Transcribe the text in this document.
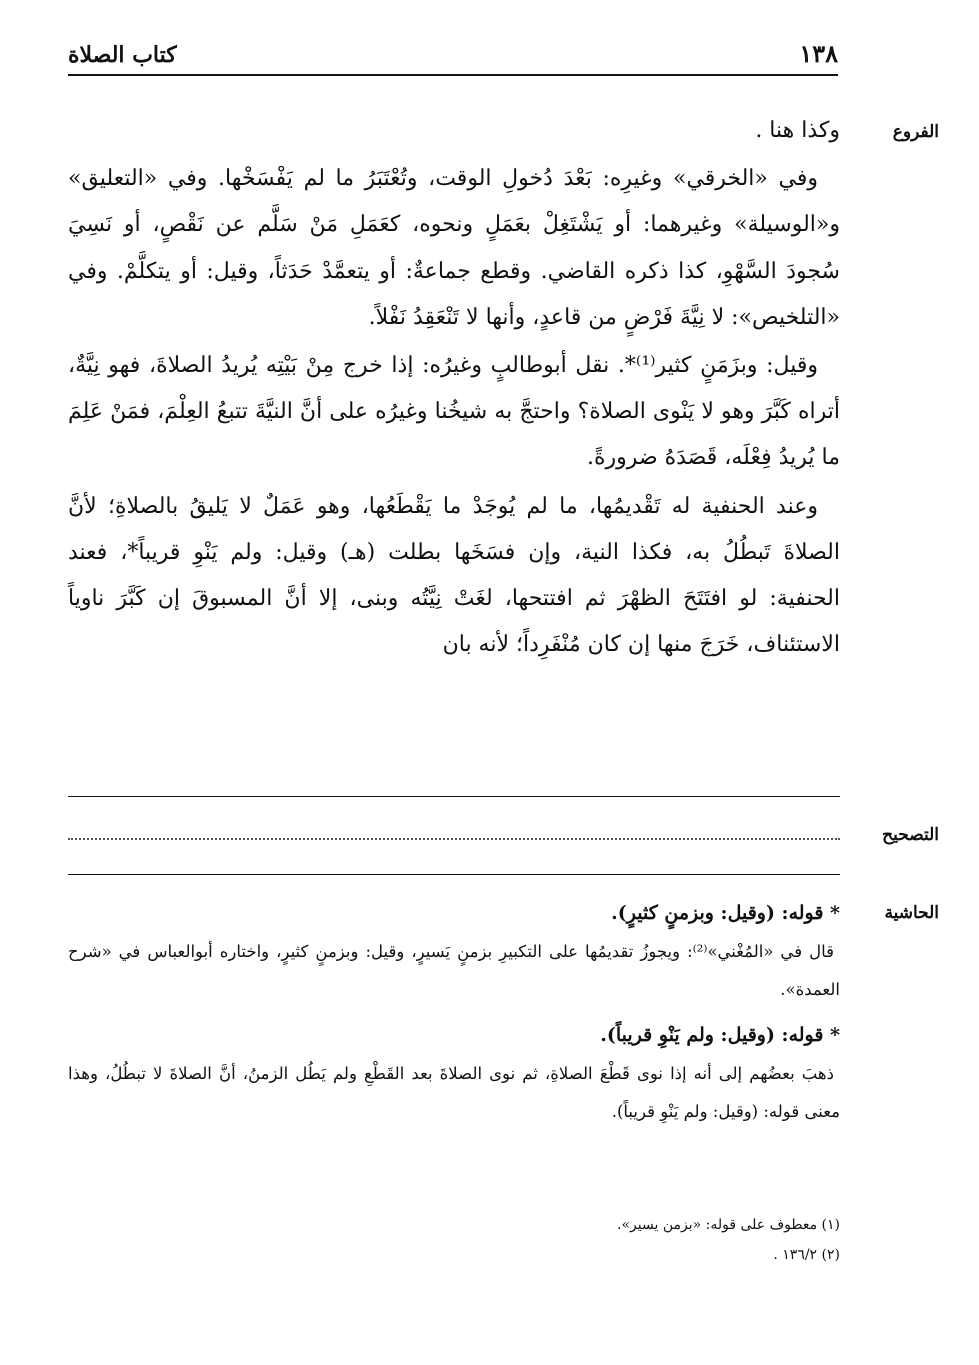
كتاب الصلاة	١٣٨
الفروع
التصحيح
الحاشية

وكذا هنا .

وفي «الخرقي» وغيرِه: بَعْدَ دُخولِ الوقت، وتُعْتَبَرُ ما لم يَفْسَخْها. وفي «التعليق» و«الوسيلة» وغيرهما: أو يَشْتَغِلْ بعَمَلٍ ونحوه، كعَمَلِ مَنْ سَلَّم عن نَقْصٍ، أو نَسِيَ سُجودَ السَّهْوِ، كذا ذكره القاضي. وقطع جماعةٌ: أو يتعمَّدْ حَدَثاً، وقيل: أو يتكلَّمْ. وفي «التلخيص»: لا نِيَّةَ فَرْضٍ من قاعدٍ، وأنها لا تَنْعَقِدُ نَفْلاً.

وقيل: وبزَمَنٍ كثير⁽¹⁾*. نقل أبوطالبٍ وغيرُه: إذا خرج مِنْ بَيْتِه يُريدُ الصلاةَ، فهو نِيَّةٌ، أتراه كَبَّرَ وهو لا يَنْوى الصلاة؟ واحتجَّ به شيخُنا وغيرُه على أنَّ النيَّةَ تتبعُ العِلْمَ، فمَنْ عَلِمَ ما يُريدُ فِعْلَه، قَصَدَهُ ضرورةً.

وعند الحنفية له تَقْديمُها، ما لم يُوجَدْ ما يَقْطَعُها، وهو عَمَلٌ لا يَليقُ بالصلاةِ؛ لأنَّ الصلاةَ تَبطُلُ به، فكذا النية، وإن فسَخَها بطلت (هـ) وقيل: ولم يَنْوِ قريباً*، فعند الحنفية: لو افتَتَحَ الظهْرَ ثم افتتحها، لغَتْ نِيَّتُه وبنى، إلا أنَّ المسبوقَ إن كَبَّرَ ناوياً الاستئناف، خَرَجَ منها إن كان مُنْفَرِداً؛ لأنه بان

* قوله: (وقيل: وبزمنٍ كثيرٍ).

قال في «المُغْني»⁽²⁾: ويجوزُ تقديمُها على التكبيرِ بزمنٍ يَسيرٍ، وقيل: وبزمنٍ كثيرٍ، واختاره أبوالعباس في «شرح العمدة».

* قوله: (وقيل: ولم يَنْوِ قريباً).

ذهبَ بعضُهم إلى أنه إذا نوى قَطْعَ الصلاةِ، ثم نوى الصلاةَ بعد القَطْعِ ولم يَطُل الزمنُ، أنَّ الصلاةَ لا تبطُلُ، وهذا معنى قوله: (وقيل: ولم يَنْوِ قريباً).

(١) معطوف على قوله: «بزمن يسير».

(٢) ١٣٦/٢ .
